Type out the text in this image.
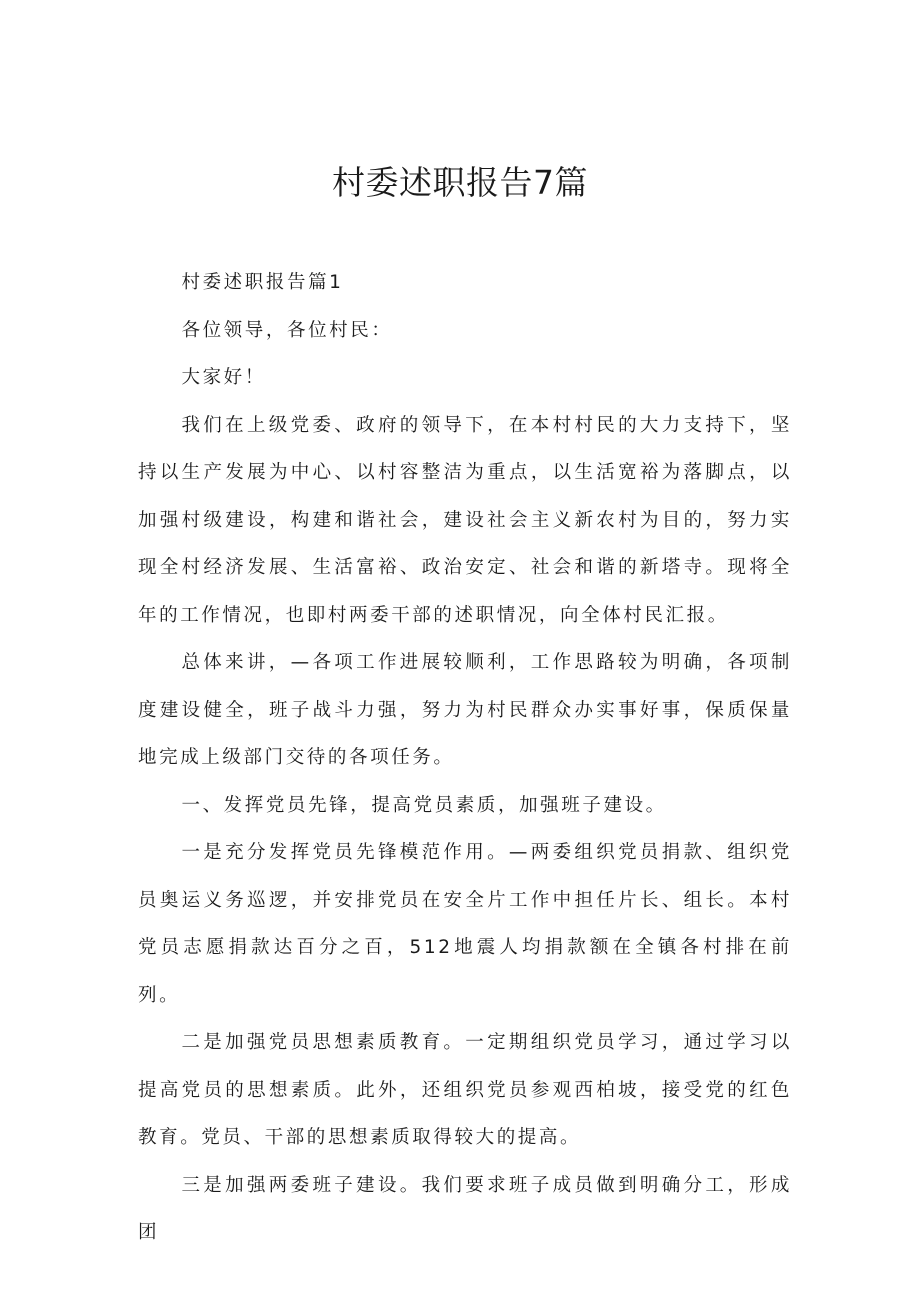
村委述职报告7篇

村委述职报告篇1

各位领导，各位村民：

大家好！

我们在上级党委、政府的领导下，在本村村民的大力支持下，坚持以生产发展为中心、以村容整洁为重点，以生活宽裕为落脚点，以加强村级建设，构建和谐社会，建设社会主义新农村为目的，努力实现全村经济发展、生活富裕、政治安定、社会和谐的新塔寺。现将全年的工作情况，也即村两委干部的述职情况，向全体村民汇报。

总体来讲，—各项工作进展较顺利，工作思路较为明确，各项制度建设健全，班子战斗力强，努力为村民群众办实事好事，保质保量地完成上级部门交待的各项任务。

一、发挥党员先锋，提高党员素质，加强班子建设。

一是充分发挥党员先锋模范作用。—两委组织党员捐款、组织党员奥运义务巡逻，并安排党员在安全片工作中担任片长、组长。本村党员志愿捐款达百分之百，512地震人均捐款额在全镇各村排在前列。

二是加强党员思想素质教育。一定期组织党员学习，通过学习以提高党员的思想素质。此外，还组织党员参观西柏坡，接受党的红色教育。党员、干部的思想素质取得较大的提高。

三是加强两委班子建设。我们要求班子成员做到明确分工，形成团
